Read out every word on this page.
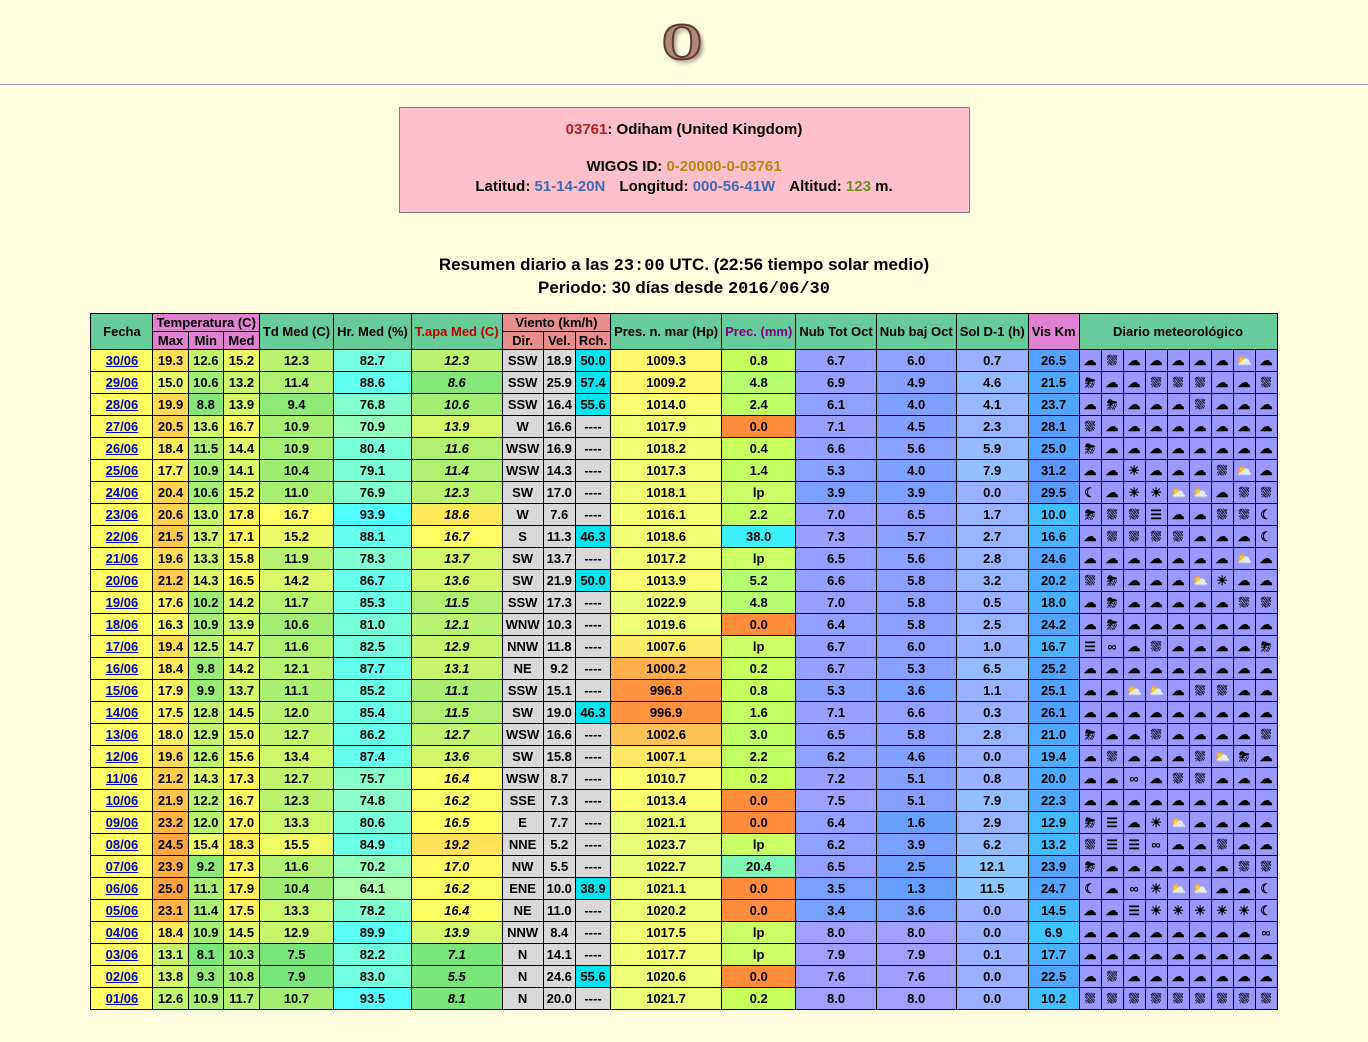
O
03761: Odiham (United Kingdom)
WIGOS ID: 0-20000-0-03761
Latitud: 51-14-20N Longitud: 000-56-41W Altitud: 123 m.
Resumen diario a las 23:00 UTC. (22:56 tiempo solar medio)
Periodo: 30 días desde 2016/06/30
Fecha	Temperatura (C)			Td Med (C)	Hr. Med (%)	T.apa Med (C)	Viento (km/h)			Pres. n. mar (Hp)	Prec. (mm)	Nub Tot Oct	Nub baj Oct	Sol D-1 (h)	Vis Km	Diario meteorológico
	Max	Min	Med				Dir.	Vel.	Rch.							
30/06	19.3	12.6	15.2	12.3	82.7	12.3	SSW	18.9	50.0	1009.3	0.8	6.7	6.0	0.7	26.5	☁ ⛆ ☁ ☁ ☁ ☁ ☁ ⛅ ☁

29/06	15.0	10.6	13.2	11.4	88.6	8.6	SSW	25.9	57.4	1009.2	4.8	6.9	4.9	4.6	21.5	⛈ ☁ ☁ ⛆ ⛆ ⛆ ☁ ☁ ⛆

28/06	19.9	8.8	13.9	9.4	76.8	10.6	SSW	16.4	55.6	1014.0	2.4	6.1	4.0	4.1	23.7	☁ ⛈ ☁ ☁ ☁ ⛆ ☁ ☁ ☁

27/06	20.5	13.6	16.7	10.9	70.9	13.9	W	16.6	----	1017.9	0.0	7.1	4.5	2.3	28.1	⛆ ☁ ☁ ☁ ☁ ☁ ☁ ☁ ☁

26/06	18.4	11.5	14.4	10.9	80.4	11.6	WSW	16.9	----	1018.2	0.4	6.6	5.6	5.9	25.0	⛈ ☁ ☁ ☁ ☁ ☁ ☁ ☁ ☁

25/06	17.7	10.9	14.1	10.4	79.1	11.4	WSW	14.3	----	1017.3	1.4	5.3	4.0	7.9	31.2	☁ ☁ ☀ ☁ ☁ ☁ ⛆ ⛅ ☁

24/06	20.4	10.6	15.2	11.0	76.9	12.3	SW	17.0	----	1018.1	lp	3.9	3.9	0.0	29.5	☾ ☁ ☀ ☀ ⛅ ⛅ ☁ ⛆ ⛆

23/06	20.6	13.0	17.8	16.7	93.9	18.6	W	7.6	----	1016.1	2.2	7.0	6.5	1.7	10.0	⛈ ⛆ ⛆ ☰ ☁ ☁ ⛆ ⛆ ☾

22/06	21.5	13.7	17.1	15.2	88.1	16.7	S	11.3	46.3	1018.6	38.0	7.3	5.7	2.7	16.6	☁ ⛆ ⛆ ⛆ ⛆ ☁ ☁ ☁ ☾

21/06	19.6	13.3	15.8	11.9	78.3	13.7	SW	13.7	----	1017.2	lp	6.5	5.6	2.8	24.6	☁ ☁ ☁ ☁ ☁ ☁ ☁ ⛅ ☁

20/06	21.2	14.3	16.5	14.2	86.7	13.6	SW	21.9	50.0	1013.9	5.2	6.6	5.8	3.2	20.2	⛆ ⛈ ☁ ☁ ☁ ⛅ ☀ ☁ ☁

19/06	17.6	10.2	14.2	11.7	85.3	11.5	SSW	17.3	----	1022.9	4.8	7.0	5.8	0.5	18.0	☁ ⛈ ☁ ☁ ☁ ☁ ☁ ⛆ ⛆

18/06	16.3	10.9	13.9	10.6	81.0	12.1	WNW	10.3	----	1019.6	0.0	6.4	5.8	2.5	24.2	☁ ⛈ ☁ ☁ ☁ ☁ ☁ ☁ ☁

17/06	19.4	12.5	14.7	11.6	82.5	12.9	NNW	11.8	----	1007.6	lp	6.7	6.0	1.0	16.7	☰ ∞ ☁ ⛆ ☁ ☁ ☁ ☁ ⛈

16/06	18.4	9.8	14.2	12.1	87.7	13.1	NE	9.2	----	1000.2	0.2	6.7	5.3	6.5	25.2	☁ ☁ ☁ ☁ ☁ ☁ ☁ ☁ ☁

15/06	17.9	9.9	13.7	11.1	85.2	11.1	SSW	15.1	----	996.8	0.8	5.3	3.6	1.1	25.1	☁ ☁ ⛅ ⛅ ☁ ⛆ ⛆ ☁ ☁

14/06	17.5	12.8	14.5	12.0	85.4	11.5	SW	19.0	46.3	996.9	1.6	7.1	6.6	0.3	26.1	☁ ☁ ☁ ☁ ☁ ☁ ☁ ☁ ☁

13/06	18.0	12.9	15.0	12.7	86.2	12.7	WSW	16.6	----	1002.6	3.0	6.5	5.8	2.8	21.0	⛈ ☁ ☁ ⛆ ☁ ☁ ☁ ☁ ⛆

12/06	19.6	12.6	15.6	13.4	87.4	13.6	SW	15.8	----	1007.1	2.2	6.2	4.6	0.0	19.4	☁ ⛆ ☁ ☁ ☁ ⛆ ⛅ ⛈ ☁

11/06	21.2	14.3	17.3	12.7	75.7	16.4	WSW	8.7	----	1010.7	0.2	7.2	5.1	0.8	20.0	☁ ☁ ∞ ☁ ⛆ ⛆ ☁ ☁ ☁

10/06	21.9	12.2	16.7	12.3	74.8	16.2	SSE	7.3	----	1013.4	0.0	7.5	5.1	7.9	22.3	☁ ☁ ☁ ☁ ☁ ☁ ☁ ☁ ☁

09/06	23.2	12.0	17.0	13.3	80.6	16.5	E	7.7	----	1021.1	0.0	6.4	1.6	2.9	12.9	⛈ ☰ ☁ ☀ ⛅ ☁ ☁ ☁ ☁

08/06	24.5	15.4	18.3	15.5	84.9	19.2	NNE	5.2	----	1023.7	lp	6.2	3.9	6.2	13.2	⛆ ☰ ☰ ∞ ☁ ☁ ⛆ ☁ ☁

07/06	23.9	9.2	17.3	11.6	70.2	17.0	NW	5.5	----	1022.7	20.4	6.5	2.5	12.1	23.9	⛈ ☁ ☁ ☁ ☁ ☁ ☁ ⛆ ⛆

06/06	25.0	11.1	17.9	10.4	64.1	16.2	ENE	10.0	38.9	1021.1	0.0	3.5	1.3	11.5	24.7	☾ ☁ ∞ ☀ ⛅ ⛅ ☁ ☁ ☾

05/06	23.1	11.4	17.5	13.3	78.2	16.4	NE	11.0	----	1020.2	0.0	3.4	3.6	0.0	14.5	☁ ☁ ☰ ☀ ☀ ☀ ☀ ☀ ☾

04/06	18.4	10.9	14.5	12.9	89.9	13.9	NNW	8.4	----	1017.5	lp	8.0	8.0	0.0	6.9	☁ ☁ ☁ ☁ ☁ ☁ ☁ ☁ ∞

03/06	13.1	8.1	10.3	7.5	82.2	7.1	N	14.1	----	1017.7	lp	7.9	7.9	0.1	17.7	☁ ☁ ☁ ☁ ☁ ☁ ☁ ☁ ☁

02/06	13.8	9.3	10.8	7.9	83.0	5.5	N	24.6	55.6	1020.6	0.0	7.6	7.6	0.0	22.5	☁ ⛆ ☁ ☁ ☁ ☁ ☁ ☁ ☁

01/06	12.6	10.9	11.7	10.7	93.5	8.1	N	20.0	----	1021.7	0.2	8.0	8.0	0.0	10.2	⛆ ⛆ ⛆ ⛆ ⛆ ⛆ ⛆ ⛆ ⛆
